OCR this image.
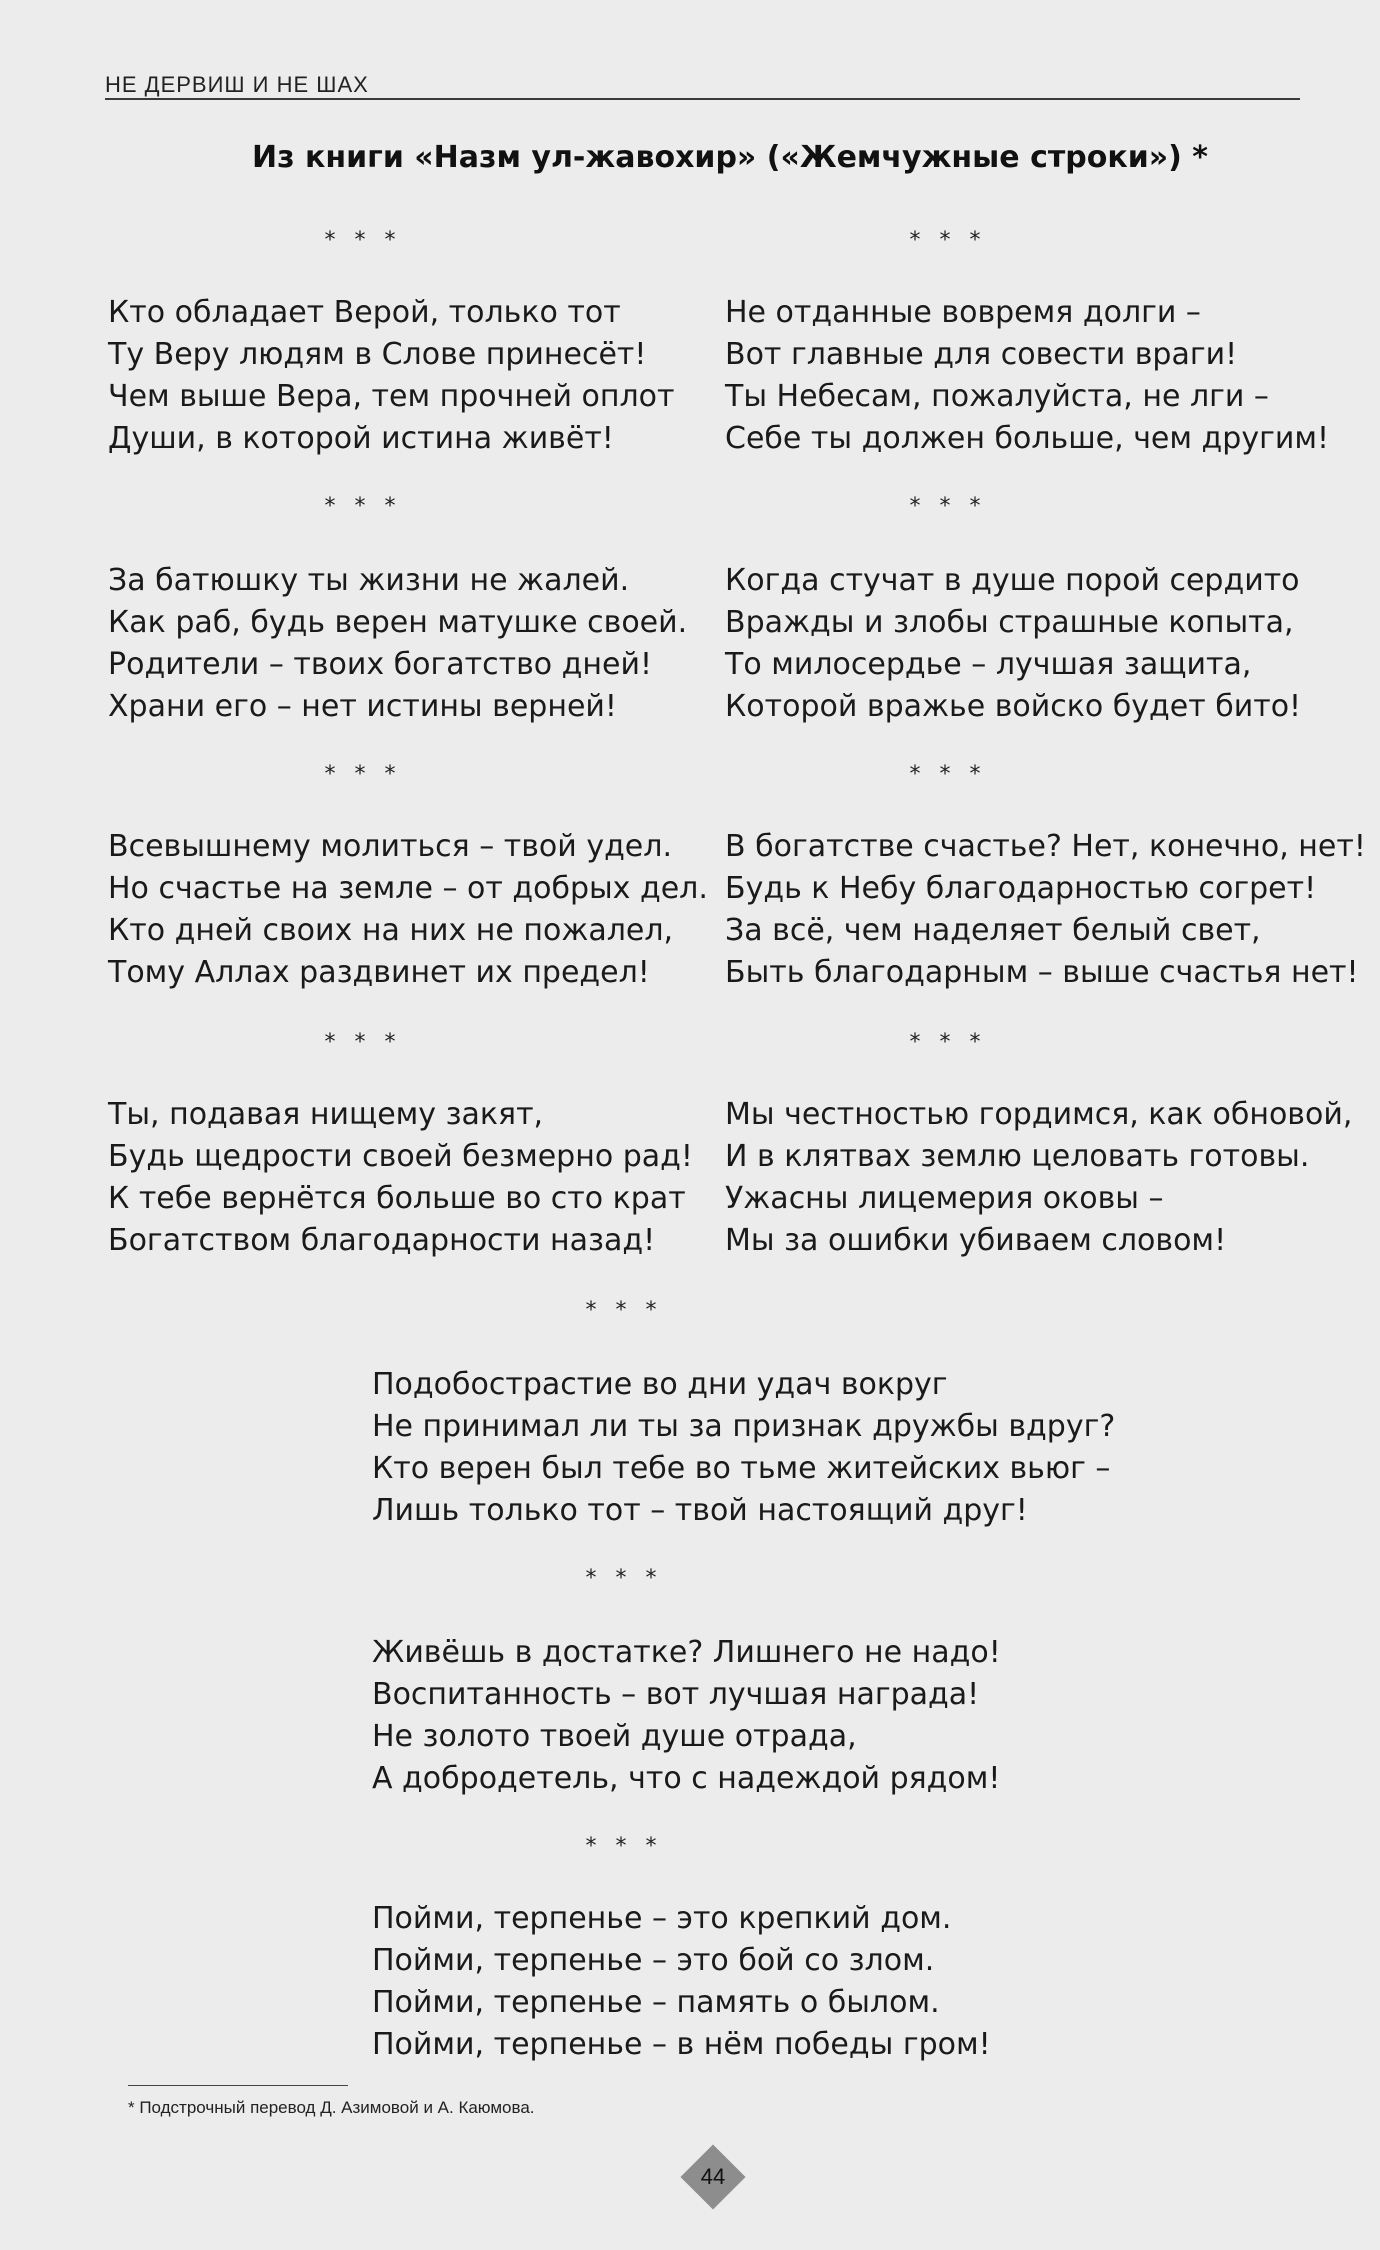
НЕ ДЕРВИШ И НЕ ШАХ
Из книги «Назм ул-жавохир» («Жемчужные строки») *
* * *
Кто обладает Верой, только тот
Ту Веру людям в Слове принесёт!
Чем выше Вера, тем прочней оплот
Души, в которой истина живёт!
* * *
За батюшку ты жизни не жалей.
Как раб, будь верен матушке своей.
Родители – твоих богатство дней!
Храни его – нет истины верней!
* * *
Всевышнему молиться – твой удел.
Но счастье на земле – от добрых дел.
Кто дней своих на них не пожалел,
Тому Аллах раздвинет их предел!
* * *
Ты, подавая нищему закят,
Будь щедрости своей безмерно рад!
К тебе вернётся больше во сто крат
Богатством благодарности назад!
* * *
Не отданные вовремя долги –
Вот главные для совести враги!
Ты Небесам, пожалуйста, не лги –
Себе ты должен больше, чем другим!
* * *
Когда стучат в душе порой сердито
Вражды и злобы страшные копыта,
То милосердье – лучшая защита,
Которой вражье войско будет бито!
* * *
В богатстве счастье? Нет, конечно, нет!
Будь к Небу благодарностью согрет!
За всё, чем наделяет белый свет,
Быть благодарным – выше счастья нет!
* * *
Мы честностью гордимся, как обновой,
И в клятвах землю целовать готовы.
Ужасны лицемерия оковы –
Мы за ошибки убиваем словом!
* * *
Подобострастие во дни удач вокруг
Не принимал ли ты за признак дружбы вдруг?
Кто верен был тебе во тьме житейских вьюг –
Лишь только тот – твой настоящий друг!
* * *
Живёшь в достатке? Лишнего не надо!
Воспитанность – вот лучшая награда!
Не золото твоей душе отрада,
А добродетель, что с надеждой рядом!
* * *
Пойми, терпенье – это крепкий дом.
Пойми, терпенье – это бой со злом.
Пойми, терпенье – память о былом.
Пойми, терпенье – в нём победы гром!
* Подстрочный перевод Д. Азимовой и А. Каюмова.
44
